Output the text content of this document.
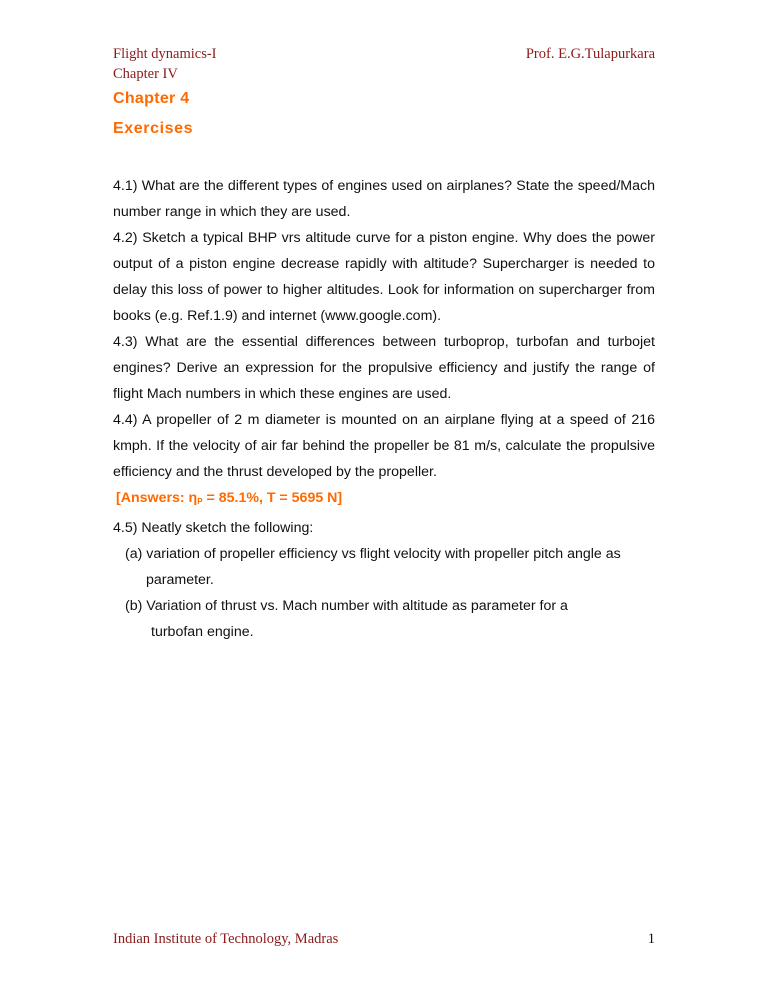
Flight dynamics-I
Chapter IV
Prof. E.G.Tulapurkara
Chapter 4
Exercises

4.1) What are the different types of engines used on airplanes? State the speed/Mach number range in which they are used.

4.2) Sketch a typical BHP vrs altitude curve for a piston engine. Why does the power output of a piston engine decrease rapidly with altitude? Supercharger is needed to delay this loss of power to higher altitudes. Look for information on supercharger from books (e.g. Ref.1.9) and internet (www.google.com).

4.3) What are the essential differences between turboprop, turbofan and turbojet engines? Derive an expression for the propulsive efficiency and justify the range of flight Mach numbers in which these engines are used.

4.4) A propeller of 2 m diameter is mounted on an airplane flying at a speed of 216 kmph. If the velocity of air far behind the propeller be 81 m/s, calculate the propulsive efficiency and the thrust developed by the propeller.

[Answers: $\eta_P = 85.1\%$, T = 5695 N]

4.5) Neatly sketch the following:

(a) variation of propeller efficiency vs flight velocity with propeller pitch angle as

parameter.

(b) Variation of thrust vs. Mach number with altitude as parameter for a

turbofan engine.

Indian Institute of Technology, Madras	1
